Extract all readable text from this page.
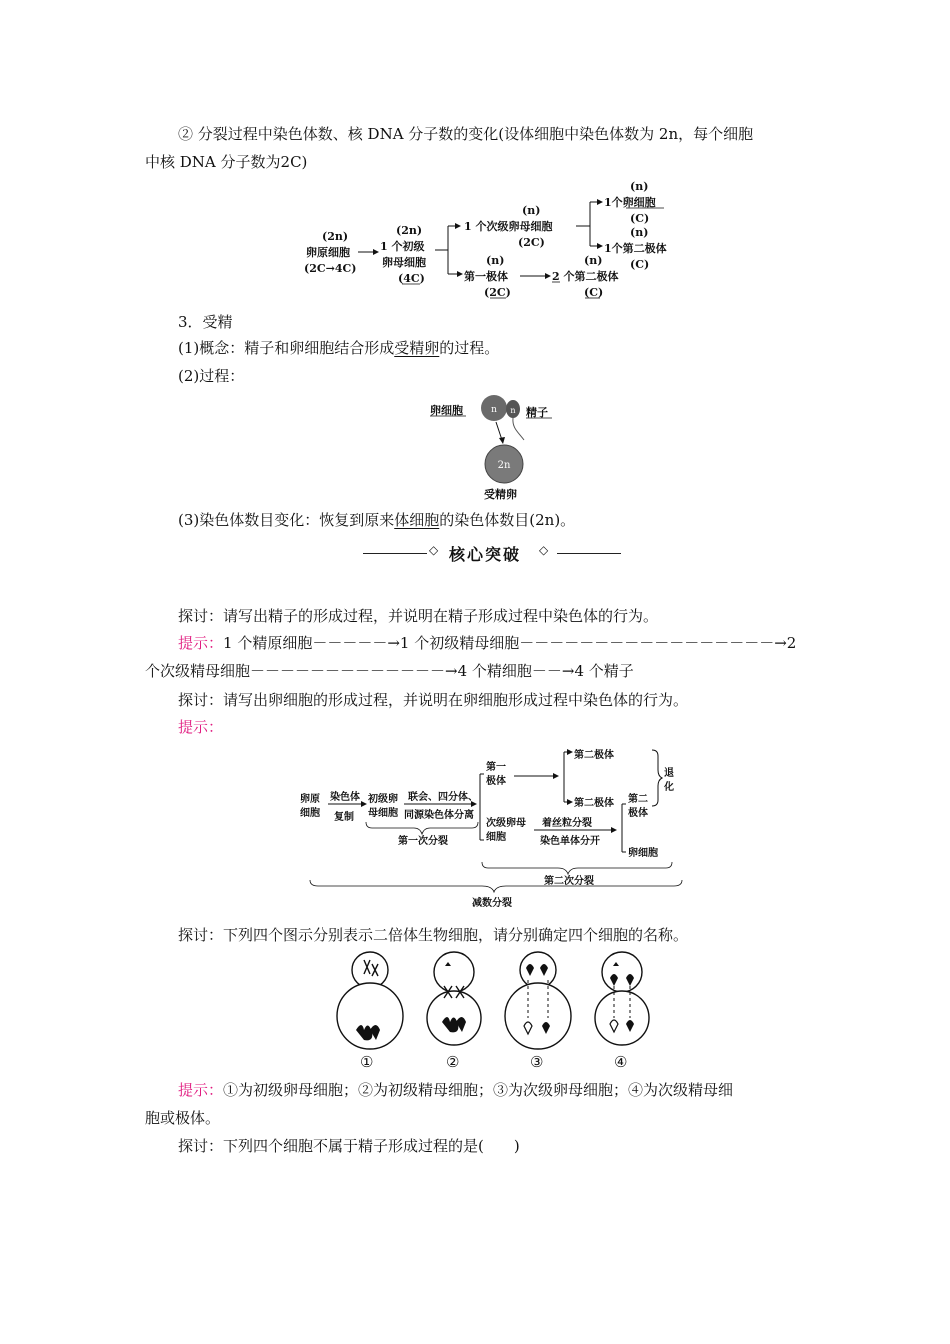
② 分裂过程中染色体数、核 DNA 分子数的变化(设体细胞中染色体数为 2n，每个细胞
中核 DNA 分子数为2C)
(2n)
卵原细胞
(2C→4C)
(2n)
1 个初级
卵母细胞
(4C)
(n)
1 个次级卵母细胞
(2C)
(n)
第一极体
(2C)
(n)
2 个第二极体
(C)
(n)
1个卵细胞
(C)
(n)
1个第二极体
(C)
3．受精
(1)概念：精子和卵细胞结合形成受精卵的过程。
(2)过程：
卵细胞	n n 精子
2n
受精卵
(3)染色体数目变化：恢复到原来体细胞的染色体数目(2n)。
◇ 核心突破 ◇
探讨：请写出精子的形成过程，并说明在精子形成过程中染色体的行为。
提示：1 个精原细胞－－－－－→1 个初级精母细胞－－－－－－－－－－－－－－－－－→2
个次级精母细胞－－－－－－－－－－－－－→4 个精细胞－－→4 个精子
探讨：请写出卵细胞的形成过程，并说明在卵细胞形成过程中染色体的行为。
提示：
卵原
细胞
染色体
复制
初级卵
母细胞
联会、四分体、
同源染色体分离
第一次分裂
第一
极体
第二极体
第二极体
次级卵母
细胞
着丝粒分裂
染色单体分开
第二
极体
卵细胞
退
化
第二次分裂
减数分裂
探讨：下列四个图示分别表示二倍体生物细胞，请分别确定四个细胞的名称。
①	②	③	④
提示：①为初级卵母细胞；②为初级精母细胞；③为次级卵母细胞；④为次级精母细
胞或极体。
探讨：下列四个细胞不属于精子形成过程的是(　　)
